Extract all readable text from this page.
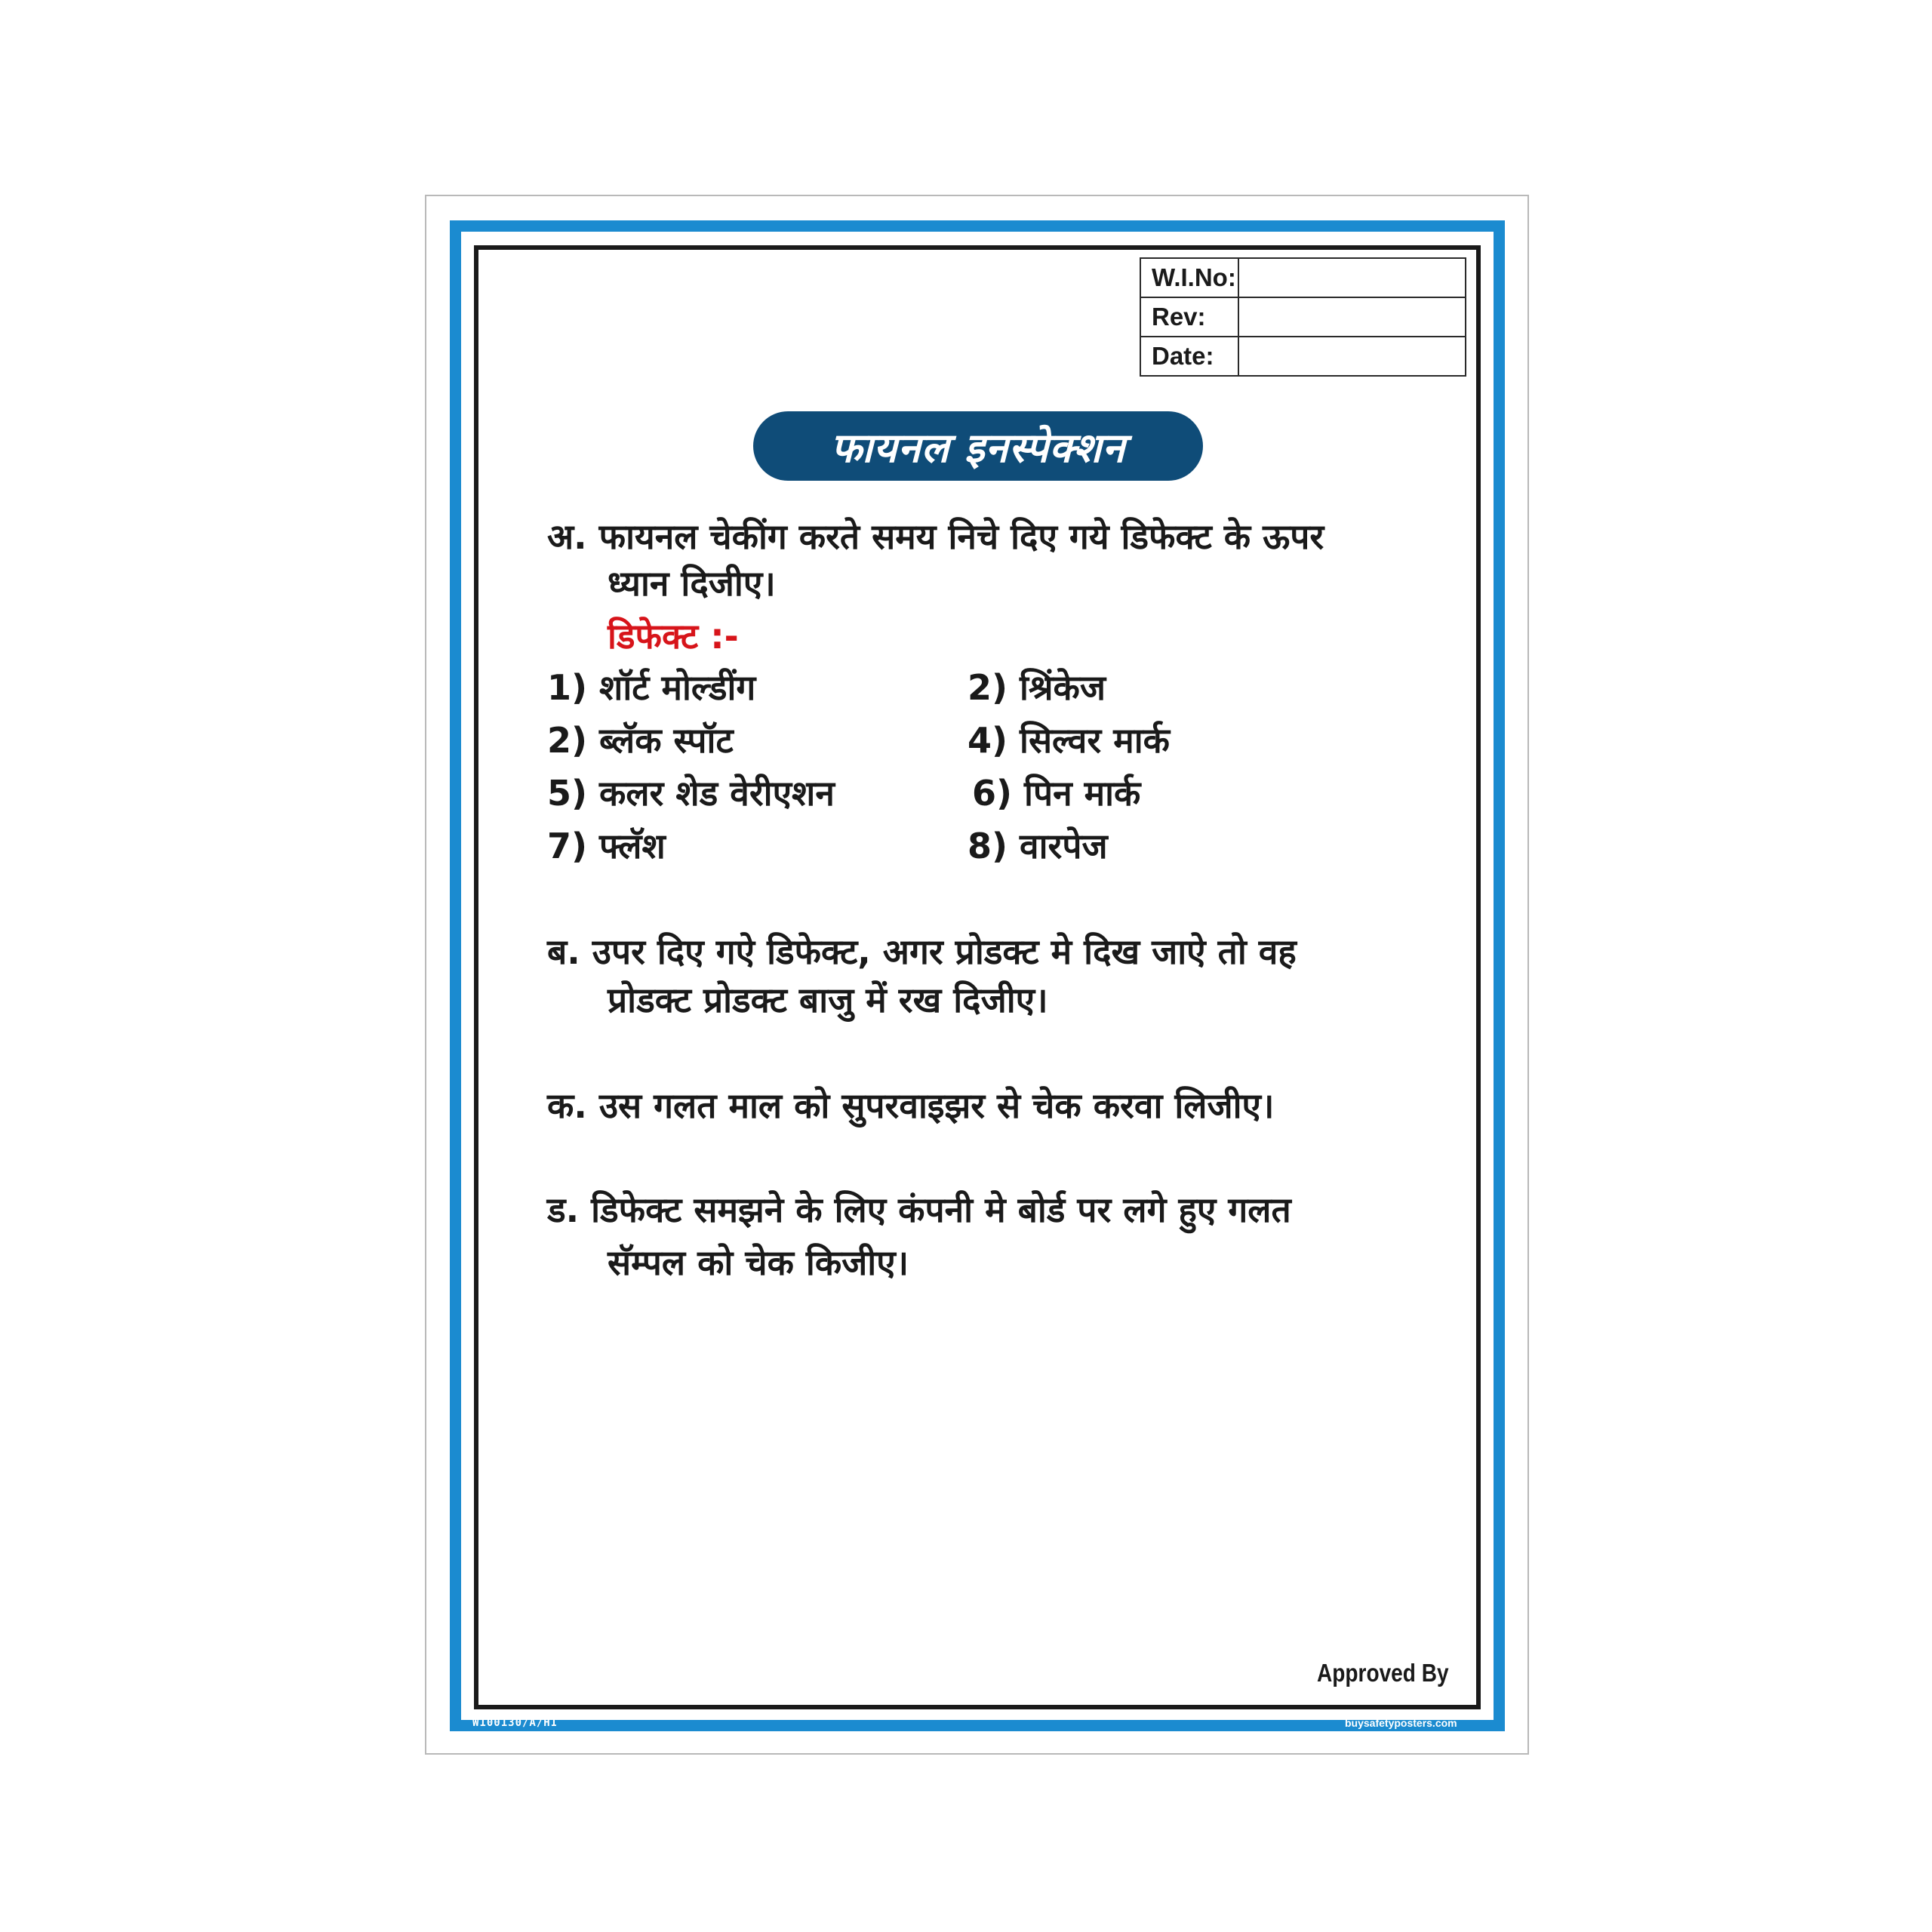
W.I.No:	
Rev:	
Date:	
फायनल इनस्पेक्शन
अ. फायनल चेकींग करते समय निचे दिए गये डिफेक्ट के ऊपर
ध्यान दिजीए।
डिफेक्ट :-
1) शॉर्ट मोल्डींग	2) श्रिंकेज
2) ब्लॅक स्पॉट	4) सिल्वर मार्क
5) कलर शेड वेरीएशन	6) पिन मार्क
7) फ्लॅश	8) वारपेज
ब. उपर दिए गऐ डिफेक्ट, अगर प्रोडक्ट मे दिख जाऐ तो वह
प्रोडक्ट प्रोडक्ट बाजु में रख दिजीए।
क. उस गलत माल को सुपरवाइझर से चेक करवा लिजीए।
ड. डिफेक्ट समझने के लिए कंपनी मे बोर्ड पर लगे हुए गलत
सॅम्पल को चेक किजीए।
Approved By
W100130/A/HI	buysafetyposters.com
©COPYRIGHT PROTECTED
